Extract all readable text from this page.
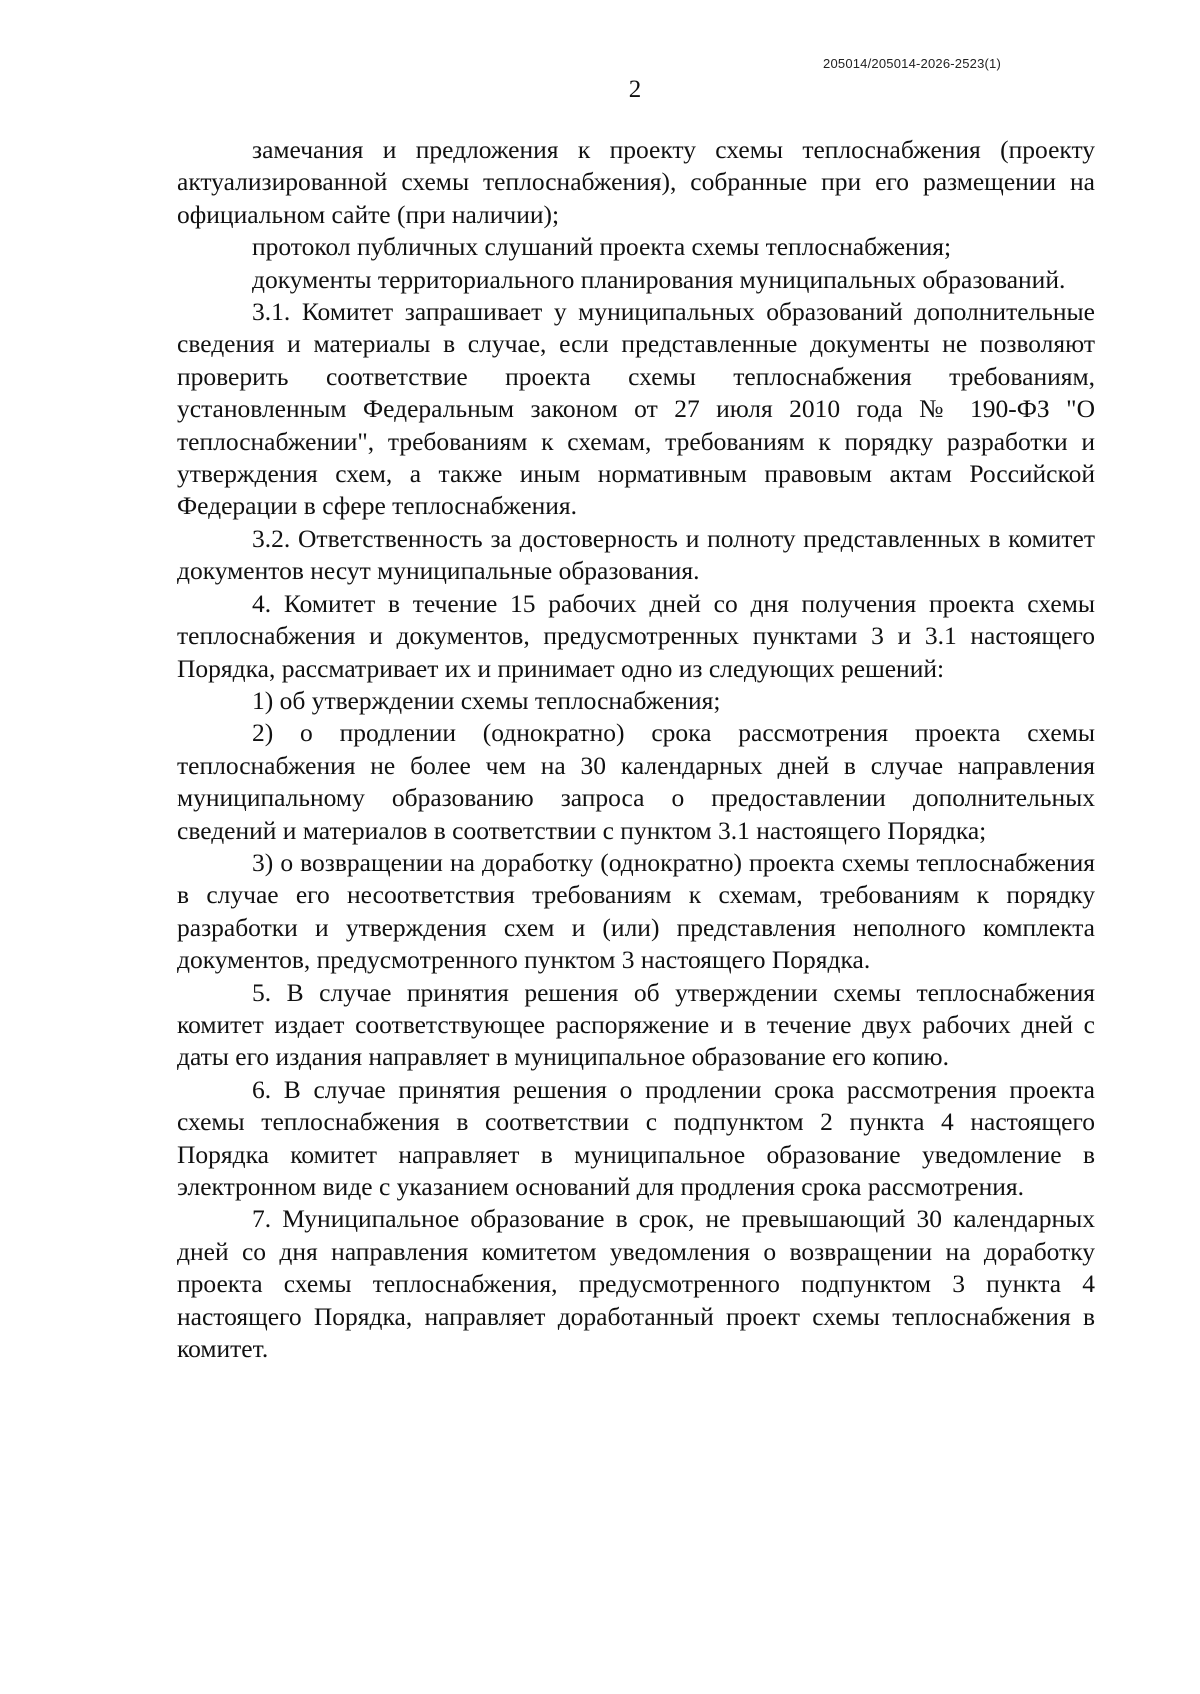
205014/205014-2026-2523(1)
2

замечания и предложения к проекту схемы теплоснабжения (проекту актуализированной схемы теплоснабжения), собранные при его размещении на официальном сайте (при наличии);

протокол публичных слушаний проекта схемы теплоснабжения;

документы территориального планирования муниципальных образований.

3.1. Комитет запрашивает у муниципальных образований дополнительные сведения и материалы в случае, если представленные документы не позволяют проверить соответствие проекта схемы теплоснабжения требованиям, установленным Федеральным законом от 27 июля 2010 года № 190-ФЗ "О теплоснабжении", требованиям к схемам, требованиям к порядку разработки и утверждения схем, а также иным нормативным правовым актам Российской Федерации в сфере теплоснабжения.

3.2. Ответственность за достоверность и полноту представленных в комитет документов несут муниципальные образования.

4. Комитет в течение 15 рабочих дней со дня получения проекта схемы теплоснабжения и документов, предусмотренных пунктами 3 и 3.1 настоящего Порядка, рассматривает их и принимает одно из следующих решений:

1) об утверждении схемы теплоснабжения;

2) о продлении (однократно) срока рассмотрения проекта схемы теплоснабжения не более чем на 30 календарных дней в случае направления муниципальному образованию запроса о предоставлении дополнительных сведений и материалов в соответствии с пунктом 3.1 настоящего Порядка;

3) о возвращении на доработку (однократно) проекта схемы теплоснабжения в случае его несоответствия требованиям к схемам, требованиям к порядку разработки и утверждения схем и (или) представления неполного комплекта документов, предусмотренного пунктом 3 настоящего Порядка.

5. В случае принятия решения об утверждении схемы теплоснабжения комитет издает соответствующее распоряжение и в течение двух рабочих дней с даты его издания направляет в муниципальное образование его копию.

6. В случае принятия решения о продлении срока рассмотрения проекта схемы теплоснабжения в соответствии с подпунктом 2 пункта 4 настоящего Порядка комитет направляет в муниципальное образование уведомление в электронном виде с указанием оснований для продления срока рассмотрения.

7. Муниципальное образование в срок, не превышающий 30 календарных дней со дня направления комитетом уведомления о возвращении на доработку проекта схемы теплоснабжения, предусмотренного подпунктом 3 пункта 4 настоящего Порядка, направляет доработанный проект схемы теплоснабжения в комитет.
